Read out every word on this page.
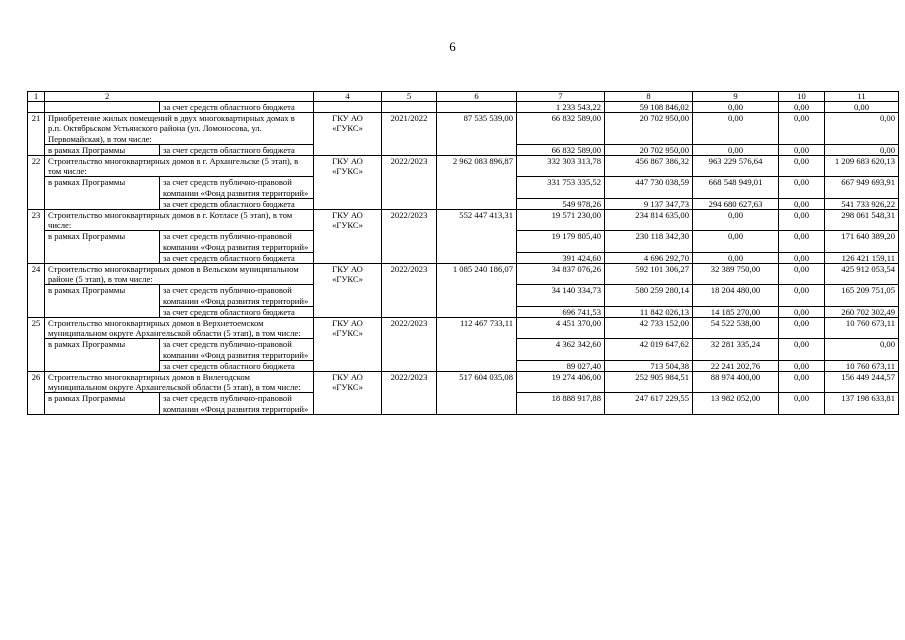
6
1	2		4	5	6	7	8	9	10	11
		за счет средств областного бюджета				1 233 543,22	59 108 846,02	0,00	0,00	0,00
21	Приобретение жилых помещений в двух многоквартирных домах в р.п. Октябрьском Устьянского района (ул. Ломоносова, ул. Первомайская), в том числе:		ГКУ АО «ГУКС»	2021/2022	87 535 539,00	66 832 589,00	20 702 950,00	0,00	0,00	0,00
	в рамках Программы	за счет средств областного бюджета				66 832 589,00	20 702 950,00	0,00	0,00	0,00
22	Строительство многоквартирных домов в г. Архангельске (5 этап), в том числе:		ГКУ АО «ГУКС»	2022/2023	2 962 083 896,87	332 303 313,78	456 867 386,32	963 229 576,64	0,00	1 209 683 620,13
	в рамках Программы	за счет средств публично-правовой компании «Фонд развития территорий»				331 753 335,52	447 730 038,59	668 548 949,01	0,00	667 949 693,91
		за счет средств областного бюджета				549 978,26	9 137 347,73	294 680 627,63	0,00	541 733 926,22
23	Строительство многоквартирных домов в г. Котласе (5 этап), в том числе:		ГКУ АО «ГУКС»	2022/2023	552 447 413,31	19 571 230,00	234 814 635,00	0,00	0,00	298 061 548,31
	в рамках Программы	за счет средств публично-правовой компании «Фонд развития территорий»				19 179 805,40	230 118 342,30	0,00	0,00	171 640 389,20
		за счет средств областного бюджета				391 424,60	4 696 292,70	0,00	0,00	126 421 159,11
24	Строительство многоквартирных домов в Вельском муниципальном районе (5 этап), в том числе:		ГКУ АО «ГУКС»	2022/2023	1 085 240 186,07	34 837 076,26	592 101 306,27	32 389 750,00	0,00	425 912 053,54
	в рамках Программы	за счет средств публично-правовой компании «Фонд развития территорий»				34 140 334,73	580 259 280,14	18 204 480,00	0,00	165 209 751,05
		за счет средств областного бюджета				696 741,53	11 842 026,13	14 185 270,00	0,00	260 702 302,49
25	Строительство многоквартирных домов в Верхнетоемском муниципальном округе Архангельской области (5 этап), в том числе:		ГКУ АО «ГУКС»	2022/2023	112 467 733,11	4 451 370,00	42 733 152,00	54 522 538,00	0,00	10 760 673,11
	в рамках Программы	за счет средств публично-правовой компании «Фонд развития территорий»				4 362 342,60	42 019 647,62	32 281 335,24	0,00	0,00
		за счет средств областного бюджета				89 027,40	713 504,38	22 241 202,76	0,00	10 760 673,11
26	Строительство многоквартирных домов в Вилегодском муниципальном округе Архангельской области (5 этап), в том числе:		ГКУ АО «ГУКС»	2022/2023	517 604 035,08	19 274 406,00	252 905 984,51	88 974 400,00	0,00	156 449 244,57
	в рамках Программы	за счет средств публично-правовой компании «Фонд развития территорий»				18 888 917,88	247 617 229,55	13 982 052,00	0,00	137 198 633,81
